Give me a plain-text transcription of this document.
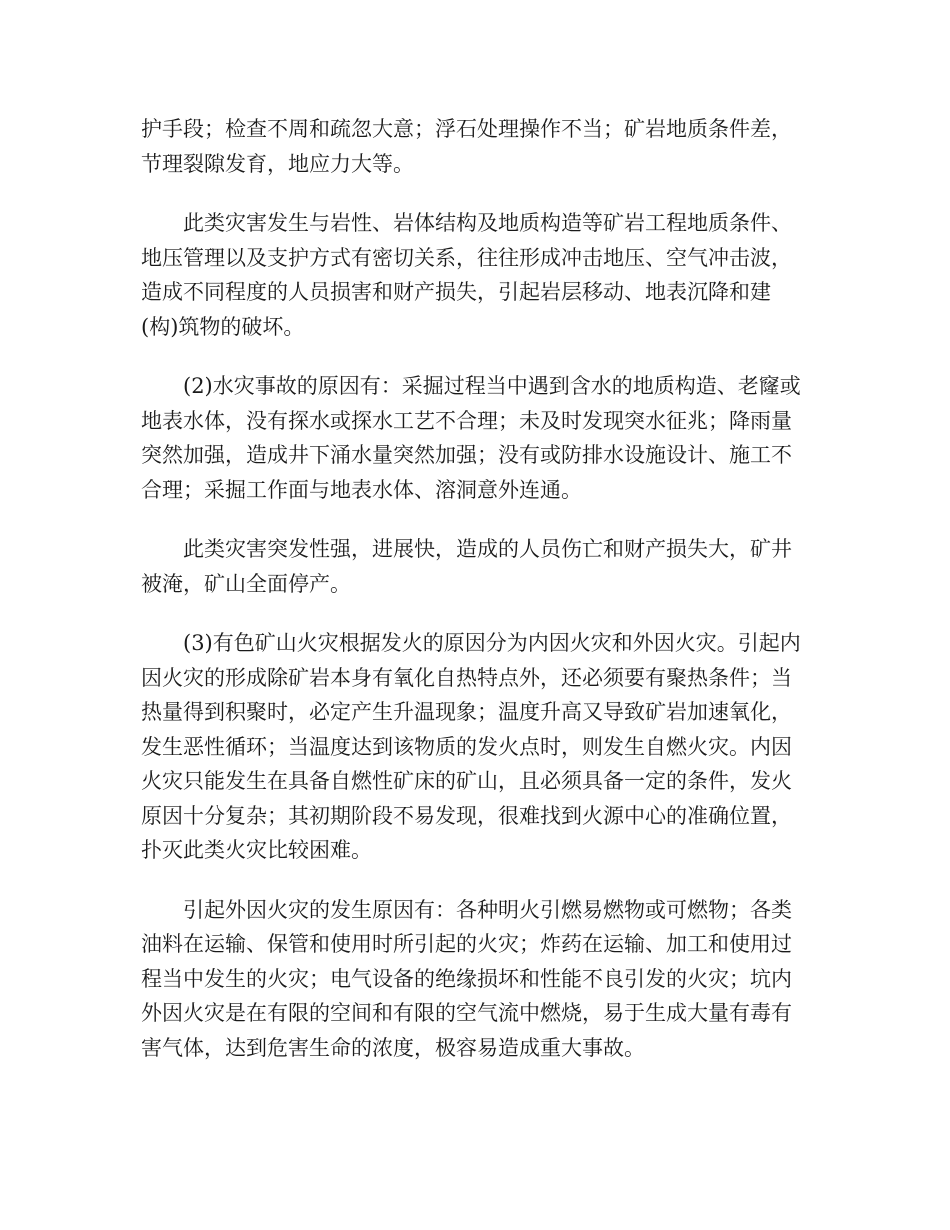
护手段；检查不周和疏忽大意；浮石处理操作不当；矿岩地质条件差，节理裂隙发育，地应力大等。

此类灾害发生与岩性、岩体结构及地质构造等矿岩工程地质条件、地压管理以及支护方式有密切关系，往往形成冲击地压、空气冲击波，造成不同程度的人员损害和财产损失，引起岩层移动、地表沉降和建(构)筑物的破坏。

(2)水灾事故的原因有：采掘过程当中遇到含水的地质构造、老窿或地表水体，没有探水或探水工艺不合理；未及时发现突水征兆；降雨量突然加强，造成井下涌水量突然加强；没有或防排水设施设计、施工不合理；采掘工作面与地表水体、溶洞意外连通。

此类灾害突发性强，进展快，造成的人员伤亡和财产损失大，矿井被淹，矿山全面停产。

(3)有色矿山火灾根据发火的原因分为内因火灾和外因火灾。引起内因火灾的形成除矿岩本身有氧化自热特点外，还必须要有聚热条件；当热量得到积聚时，必定产生升温现象；温度升高又导致矿岩加速氧化，发生恶性循环；当温度达到该物质的发火点时，则发生自燃火灾。内因火灾只能发生在具备自燃性矿床的矿山，且必须具备一定的条件，发火原因十分复杂；其初期阶段不易发现，很难找到火源中心的准确位置，扑灭此类火灾比较困难。

引起外因火灾的发生原因有：各种明火引燃易燃物或可燃物；各类油料在运输、保管和使用时所引起的火灾；炸药在运输、加工和使用过程当中发生的火灾；电气设备的绝缘损坏和性能不良引发的火灾；坑内外因火灾是在有限的空间和有限的空气流中燃烧，易于生成大量有毒有害气体，达到危害生命的浓度，极容易造成重大事故。
